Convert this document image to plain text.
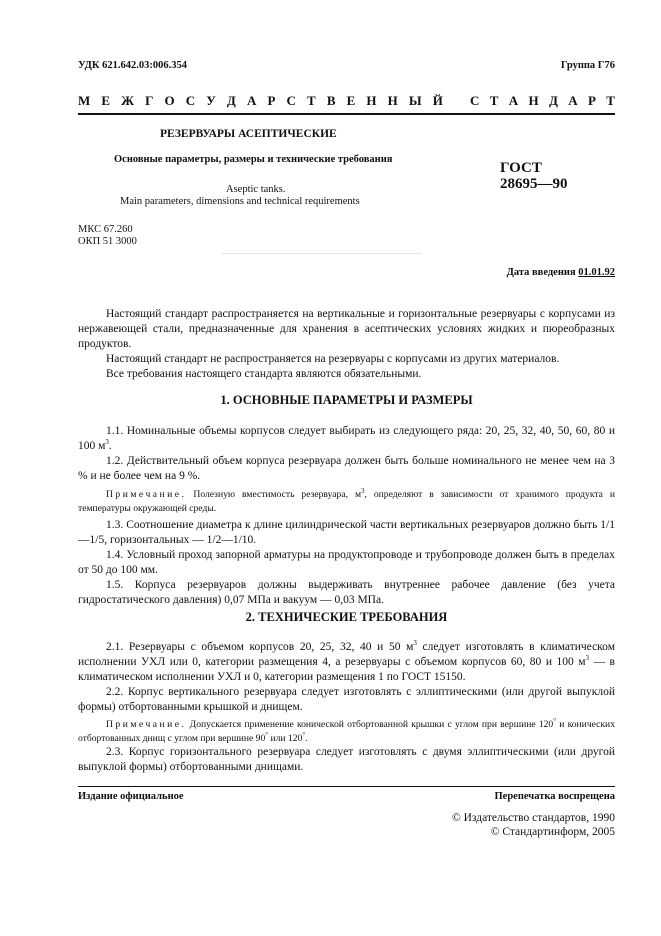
УДК 621.642.03:006.354	Группа Г76
М Е Ж Г О С У Д А Р С Т В Е Н Н Ы Й С Т А Н Д А Р Т
РЕЗЕРВУАРЫ АСЕПТИЧЕСКИЕ
Основные параметры, размеры и технические требования
Aseptic tanks.
Main parameters, dimensions and technical requirements
ГОСТ
28695—90
МКС 67.260
ОКП 51 3000
Дата введения 01.01.92
Настоящий стандарт распространяется на вертикальные и горизонтальные резервуары с корпусами из нержавеющей стали, предназначенные для хранения в асептических условиях жидких и пюреобразных продуктов.
Настоящий стандарт не распространяется на резервуары с корпусами из других материалов.
Все требования настоящего стандарта являются обязательными.
1. ОСНОВНЫЕ ПАРАМЕТРЫ И РАЗМЕРЫ
1.1. Номинальные объемы корпусов следует выбирать из следующего ряда: 20, 25, 32, 40, 50, 60, 80 и 100 $м^3$.
1.2. Действительный объем корпуса резервуара должен быть больше номинального не менее чем на 3 % и не более чем на 9 %.
Примечание. Полезную вместимость резервуара, $м^3$, определяют в зависимости от хранимого продукта и температуры окружающей среды.
1.3. Соотношение диаметра к длине цилиндрической части вертикальных резервуаров должно быть 1/1—1/5, горизонтальных — 1/2—1/10.
1.4. Условный проход запорной арматуры на продуктопроводе и трубопроводе должен быть в пределах от 50 до 100 мм.
1.5. Корпуса резервуаров должны выдерживать внутреннее рабочее давление (без учета гидростатического давления) 0,07 МПа и вакуум — 0,03 МПа.
2. ТЕХНИЧЕСКИЕ ТРЕБОВАНИЯ
2.1. Резервуары с объемом корпусов 20, 25, 32, 40 и 50 $м^3$ следует изготовлять в климатическом исполнении УХЛ или 0, категории размещения 4, а резервуары с объемом корпусов 60, 80 и 100 $м^3$ — в климатическом исполнении УХЛ и 0, категории размещения 1 по ГОСТ 15150.
2.2. Корпус вертикального резервуара следует изготовлять с эллиптическими (или другой выпуклой формы) отбортованными крышкой и днищем.
Примечание. Допускается применение конической отбортованной крышки с углом при вершине 120° и конических отбортованных днищ с углом при вершине 90° или 120°.
2.3. Корпус горизонтального резервуара следует изготовлять с двумя эллиптическими (или другой выпуклой формы) отбортованными днищами.
Издание официальное	Перепечатка воспрещена
© Издательство стандартов, 1990
© Стандартинформ, 2005
